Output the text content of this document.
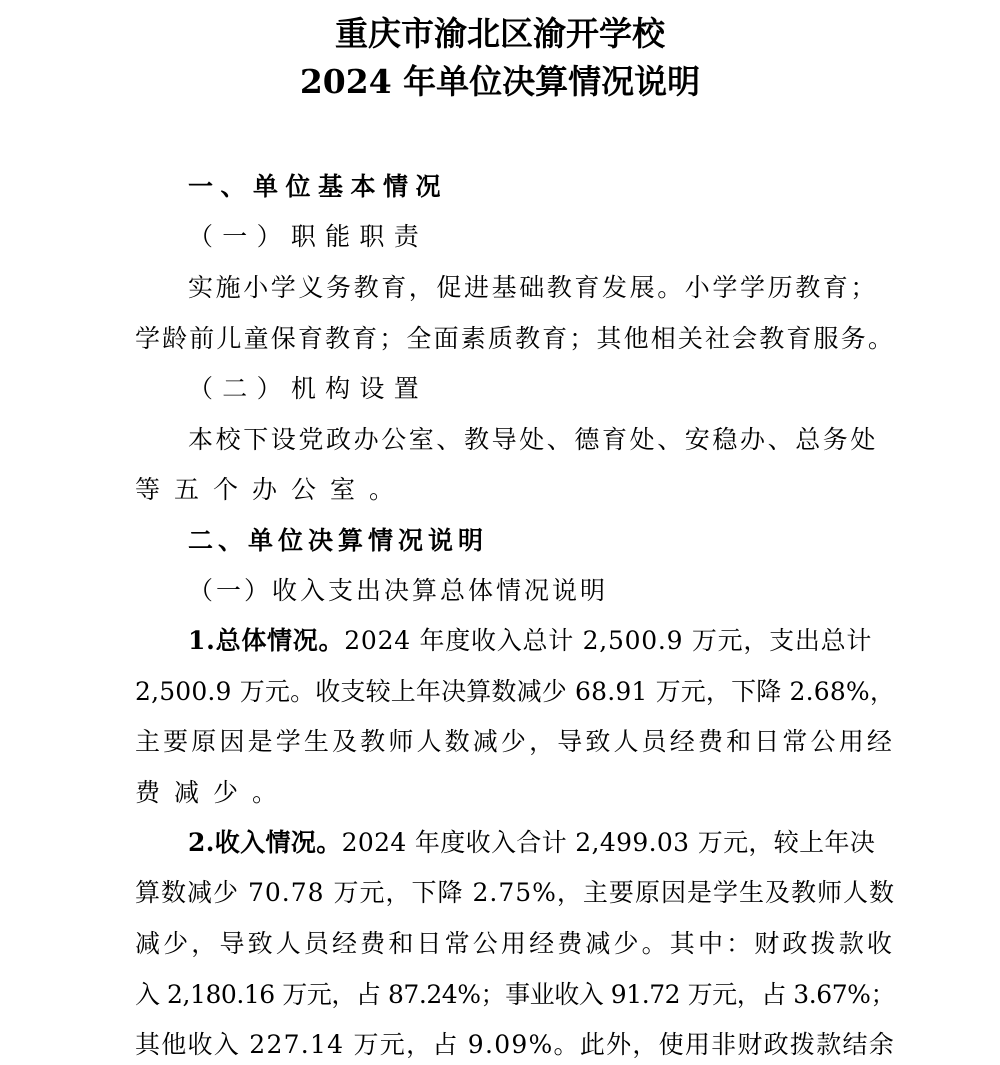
重庆市渝北区渝开学校
2024 年单位决算情况说明
一、单位基本情况
（一）职能职责
实施小学义务教育，促进基础教育发展。小学学历教育；
学龄前儿童保育教育；全面素质教育；其他相关社会教育服务。
（二）机构设置
本校下设党政办公室、教导处、德育处、安稳办、总务处
等五个办公室。
二、单位决算情况说明
（一）收入支出决算总体情况说明
1.总体情况。2024 年度收入总计 2,500.9 万元，支出总计
2,500.9 万元。收支较上年决算数减少 68.91 万元，下降 2.68%，
主要原因是学生及教师人数减少，导致人员经费和日常公用经
费减少。
2.收入情况。2024 年度收入合计 2,499.03 万元，较上年决
算数减少 70.78 万元，下降 2.75%，主要原因是学生及教师人数
减少，导致人员经费和日常公用经费减少。其中：财政拨款收
入 2,180.16 万元，占 87.24%；事业收入 91.72 万元，占 3.67%；
其他收入 227.14 万元，占 9.09%。此外，使用非财政拨款结余
